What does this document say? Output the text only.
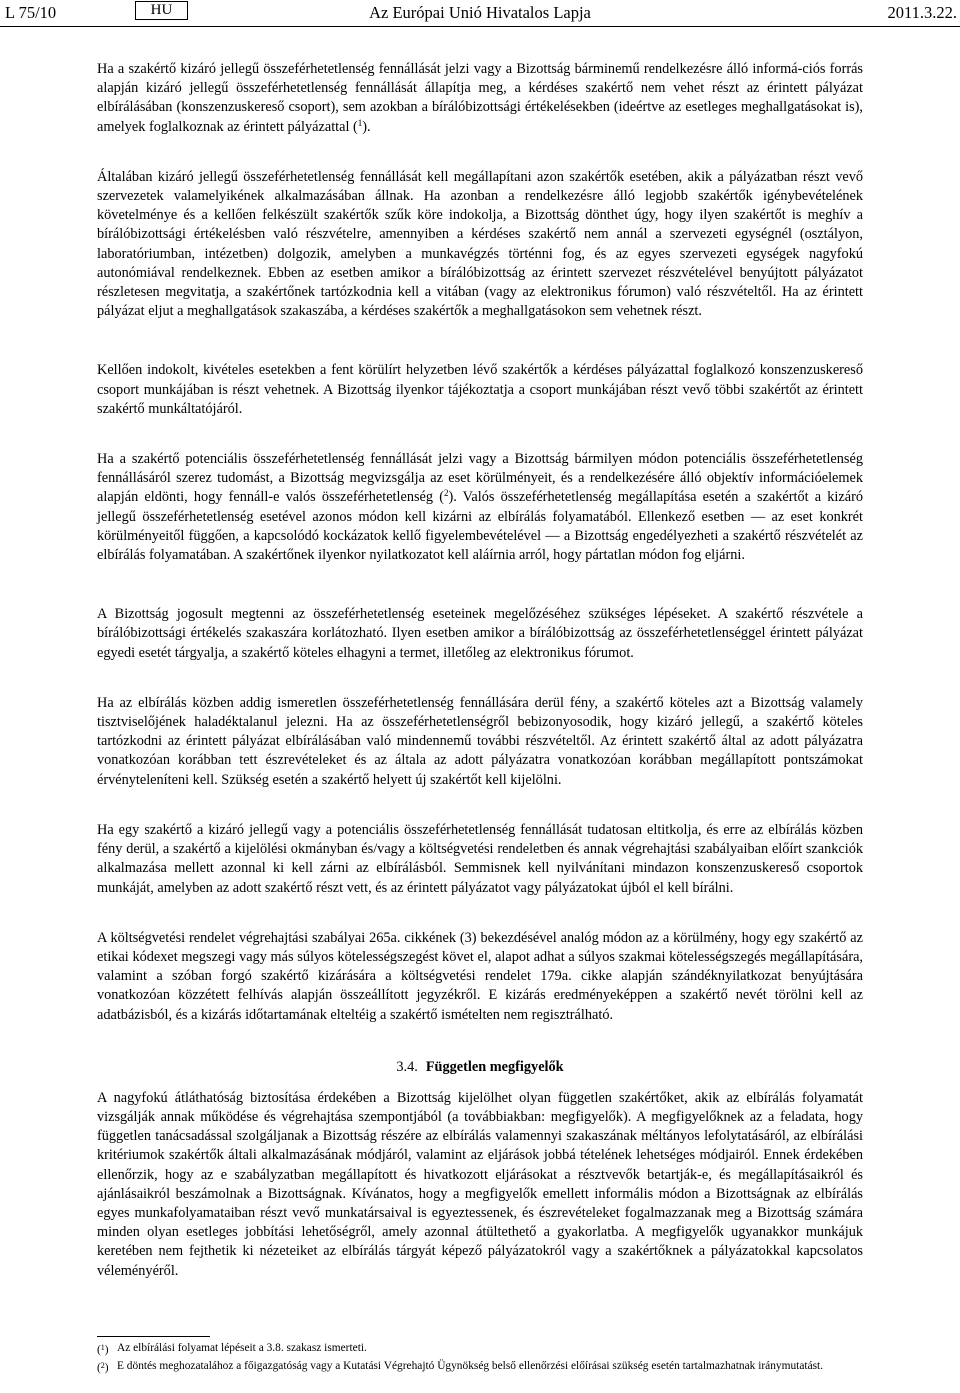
L 75/10	HU	Az Európai Unió Hivatalos Lapja	2011.3.22.

Ha a szakértő kizáró jellegű összeférhetetlenség fennállását jelzi vagy a Bizottság bárminemű rendelkezésre álló informá-ciós forrás alapján kizáró jellegű összeférhetetlenség fennállását állapítja meg, a kérdéses szakértő nem vehet részt az érintett pályázat elbírálásában (konszenzuskereső csoport), sem azokban a bírálóbizottsági értékelésekben (ideértve az esetleges meghallgatásokat is), amelyek foglalkoznak az érintett pályázattal ($^1$).

Általában kizáró jellegű összeférhetetlenség fennállását kell megállapítani azon szakértők esetében, akik a pályázatban részt vevő szervezetek valamelyikének alkalmazásában állnak. Ha azonban a rendelkezésre álló legjobb szakértők igénybevételének követelménye és a kellően felkészült szakértők szűk köre indokolja, a Bizottság dönthet úgy, hogy ilyen szakértőt is meghív a bírálóbizottsági értékelésben való részvételre, amennyiben a kérdéses szakértő nem annál a szervezeti egységnél (osztályon, laboratóriumban, intézetben) dolgozik, amelyben a munkavégzés történni fog, és az egyes szervezeti egységek nagyfokú autonómiával rendelkeznek. Ebben az esetben amikor a bírálóbizottság az érintett szervezet részvételével benyújtott pályázatot részletesen megvitatja, a szakértőnek tartózkodnia kell a vitában (vagy az elektronikus fórumon) való részvételtől. Ha az érintett pályázat eljut a meghallgatások szakaszába, a kérdéses szakértők a meghallgatásokon sem vehetnek részt.

Kellően indokolt, kivételes esetekben a fent körülírt helyzetben lévő szakértők a kérdéses pályázattal foglalkozó konszenzuskereső csoport munkájában is részt vehetnek. A Bizottság ilyenkor tájékoztatja a csoport munkájában részt vevő többi szakértőt az érintett szakértő munkáltatójáról.

Ha a szakértő potenciális összeférhetetlenség fennállását jelzi vagy a Bizottság bármilyen módon potenciális összeférhetetlenség fennállásáról szerez tudomást, a Bizottság megvizsgálja az eset körülményeit, és a rendelkezésére álló objektív információelemek alapján eldönti, hogy fennáll-e valós összeférhetetlenség ($^2$). Valós összeférhetetlenség megállapítása esetén a szakértőt a kizáró jellegű összeférhetetlenség esetével azonos módon kell kizárni az elbírálás folyamatából. Ellenkező esetben — az eset konkrét körülményeitől függően, a kapcsolódó kockázatok kellő figyelembevételével — a Bizottság engedélyezheti a szakértő részvételét az elbírálás folyamatában. A szakértőnek ilyenkor nyilatkozatot kell aláírnia arról, hogy pártatlan módon fog eljárni.

A Bizottság jogosult megtenni az összeférhetetlenség eseteinek megelőzéséhez szükséges lépéseket. A szakértő részvétele a bírálóbizottsági értékelés szakaszára korlátozható. Ilyen esetben amikor a bírálóbizottság az összeférhetetlenséggel érintett pályázat egyedi esetét tárgyalja, a szakértő köteles elhagyni a termet, illetőleg az elektronikus fórumot.

Ha az elbírálás közben addig ismeretlen összeférhetetlenség fennállására derül fény, a szakértő köteles azt a Bizottság valamely tisztviselőjének haladéktalanul jelezni. Ha az összeférhetetlenségről bebizonyosodik, hogy kizáró jellegű, a szakértő köteles tartózkodni az érintett pályázat elbírálásában való mindennemű további részvételtől. Az érintett szakértő által az adott pályázatra vonatkozóan korábban tett észrevételeket és az általa az adott pályázatra vonatkozóan korábban megállapított pontszámokat érvényteleníteni kell. Szükség esetén a szakértő helyett új szakértőt kell kijelölni.

Ha egy szakértő a kizáró jellegű vagy a potenciális összeférhetetlenség fennállását tudatosan eltitkolja, és erre az elbírálás közben fény derül, a szakértő a kijelölési okmányban és/vagy a költségvetési rendeletben és annak végrehajtási szabályaiban előírt szankciók alkalmazása mellett azonnal ki kell zárni az elbírálásból. Semmisnek kell nyilvánítani mindazon konszenzuskereső csoportok munkáját, amelyben az adott szakértő részt vett, és az érintett pályázatot vagy pályázatokat újból el kell bírálni.

A költségvetési rendelet végrehajtási szabályai 265a. cikkének (3) bekezdésével analóg módon az a körülmény, hogy egy szakértő az etikai kódexet megszegi vagy más súlyos kötelességszegést követ el, alapot adhat a súlyos szakmai kötelességszegés megállapítására, valamint a szóban forgó szakértő kizárására a költségvetési rendelet 179a. cikke alapján szándéknyilatkozat benyújtására vonatkozóan közzétett felhívás alapján összeállított jegyzékről. E kizárás eredményeképpen a szakértő nevét törölni kell az adatbázisból, és a kizárás időtartamának elteltéig a szakértő ismételten nem regisztrálható.

3.4. Független megfigyelők

A nagyfokú átláthatóság biztosítása érdekében a Bizottság kijelölhet olyan független szakértőket, akik az elbírálás folyamatát vizsgálják annak működése és végrehajtása szempontjából (a továbbiakban: megfigyelők). A megfigyelőknek az a feladata, hogy független tanácsadással szolgáljanak a Bizottság részére az elbírálás valamennyi szakaszának méltányos lefolytatásáról, az elbírálási kritériumok szakértők általi alkalmazásának módjáról, valamint az eljárások jobbá tételének lehetséges módjairól. Ennek érdekében ellenőrzik, hogy az e szabályzatban megállapított és hivatkozott eljárásokat a résztvevők betartják-e, és megállapításaikról és ajánlásaikról beszámolnak a Bizottságnak. Kívánatos, hogy a megfigyelők emellett informális módon a Bizottságnak az elbírálás egyes munkafolyamataiban részt vevő munkatársaival is egyeztessenek, és észrevételeket fogalmazzanak meg a Bizottság számára minden olyan esetleges jobbítási lehetőségről, amely azonnal átültethető a gyakorlatba. A megfigyelők ugyanakkor munkájuk keretében nem fejthetik ki nézeteiket az elbírálás tárgyát képező pályázatokról vagy a szakértőknek a pályázatokkal kapcsolatos véleményéről.

($^1$) Az elbírálási folyamat lépéseit a 3.8. szakasz ismerteti.
($^2$) E döntés meghozatalához a főigazgatóság vagy a Kutatási Végrehajtó Ügynökség belső ellenőrzési előírásai szükség esetén tartalmazhatnak iránymutatást.
